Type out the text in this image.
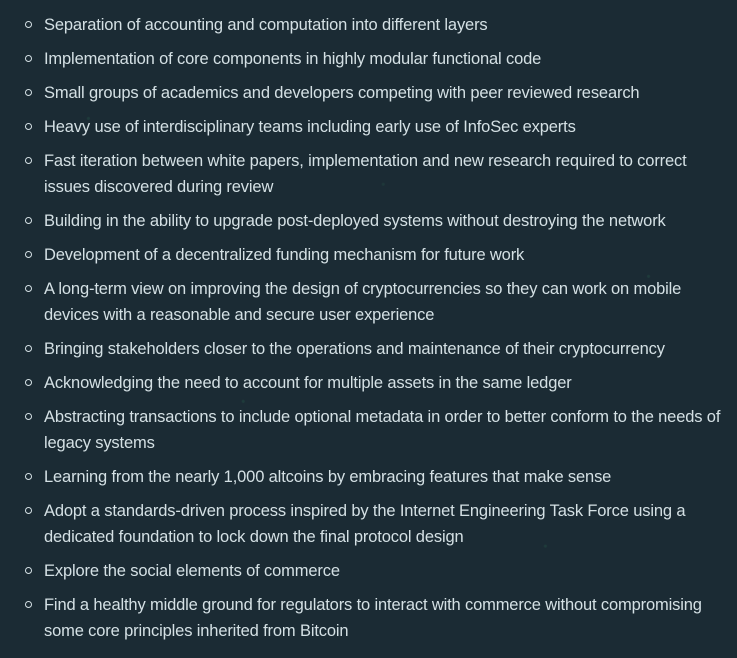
Separation of accounting and computation into different layers
Implementation of core components in highly modular functional code
Small groups of academics and developers competing with peer reviewed research
Heavy use of interdisciplinary teams including early use of InfoSec experts
Fast iteration between white papers, implementation and new research required to correct issues discovered during review
Building in the ability to upgrade post-deployed systems without destroying the network
Development of a decentralized funding mechanism for future work
A long-term view on improving the design of cryptocurrencies so they can work on mobile devices with a reasonable and secure user experience
Bringing stakeholders closer to the operations and maintenance of their cryptocurrency
Acknowledging the need to account for multiple assets in the same ledger
Abstracting transactions to include optional metadata in order to better conform to the needs of legacy systems
Learning from the nearly 1,000 altcoins by embracing features that make sense
Adopt a standards-driven process inspired by the Internet Engineering Task Force using a dedicated foundation to lock down the final protocol design
Explore the social elements of commerce
Find a healthy middle ground for regulators to interact with commerce without compromising some core principles inherited from Bitcoin
